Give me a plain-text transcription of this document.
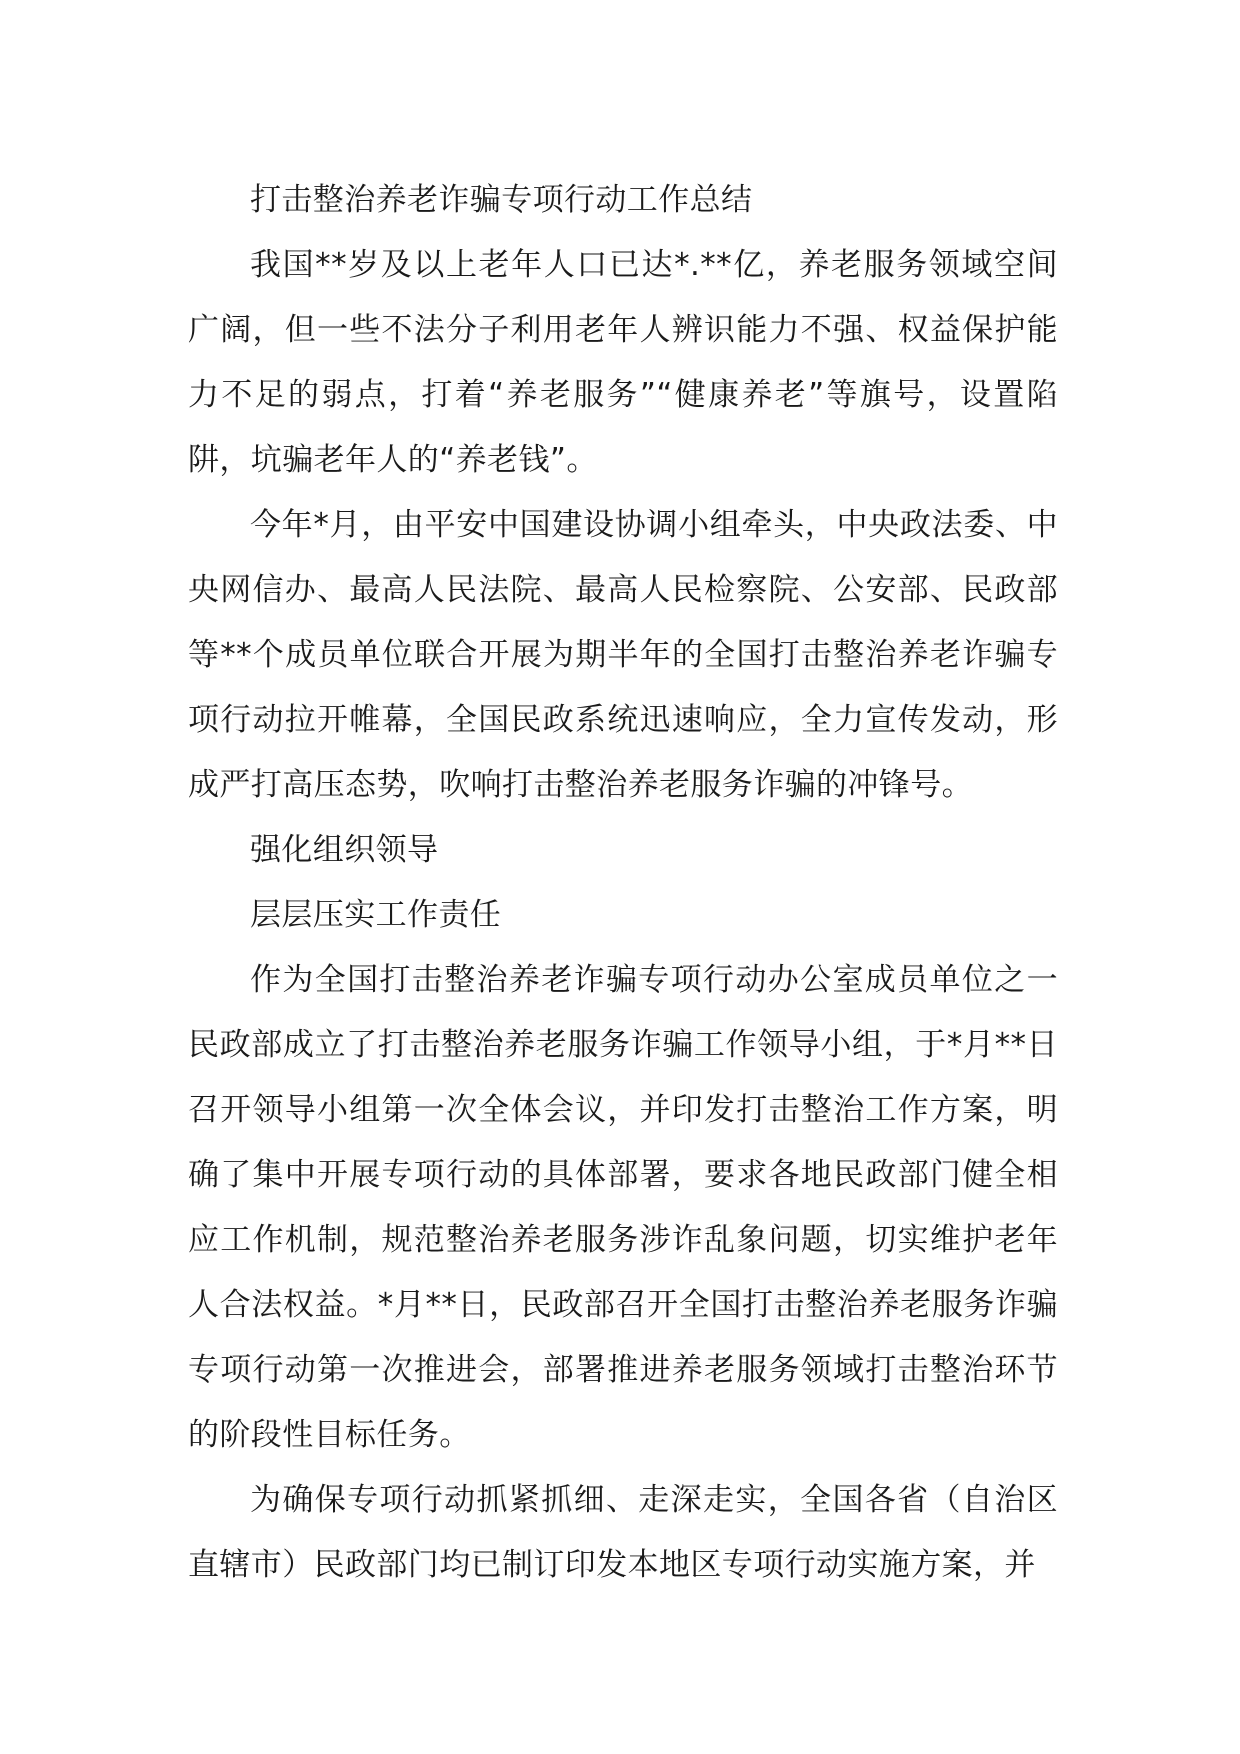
打击整治养老诈骗专项行动工作总结

我国**岁及以上老年人口已达*.**亿，养老服务领域空间广阔，但一些不法分子利用老年人辨识能力不强、权益保护能力不足的弱点，打着“养老服务”“健康养老”等旗号，设置陷阱，坑骗老年人的“养老钱”。

今年*月，由平安中国建设协调小组牵头，中央政法委、中央网信办、最高人民法院、最高人民检察院、公安部、民政部等**个成员单位联合开展为期半年的全国打击整治养老诈骗专项行动拉开帷幕，全国民政系统迅速响应，全力宣传发动，形成严打高压态势，吹响打击整治养老服务诈骗的冲锋号。

强化组织领导

层层压实工作责任

作为全国打击整治养老诈骗专项行动办公室成员单位之一民政部成立了打击整治养老服务诈骗工作领导小组，于*月**日召开领导小组第一次全体会议，并印发打击整治工作方案，明确了集中开展专项行动的具体部署，要求各地民政部门健全相应工作机制，规范整治养老服务涉诈乱象问题，切实维护老年人合法权益。*月**日，民政部召开全国打击整治养老服务诈骗专项行动第一次推进会，部署推进养老服务领域打击整治环节的阶段性目标任务。

为确保专项行动抓紧抓细、走深走实，全国各省（自治区直辖市）民政部门均已制订印发本地区专项行动实施方案，并
